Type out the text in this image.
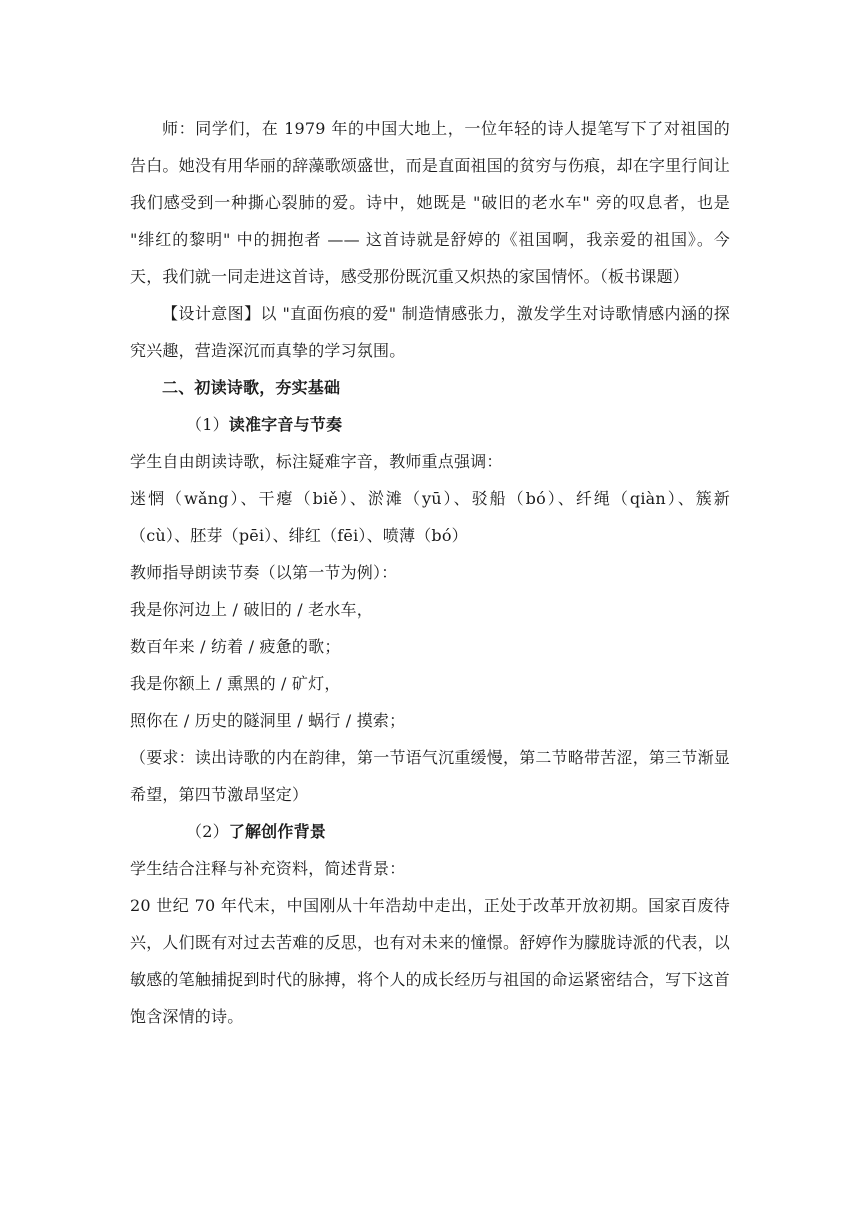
师：同学们，在 1979 年的中国大地上，一位年轻的诗人提笔写下了对祖国的告白。她没有用华丽的辞藻歌颂盛世，而是直面祖国的贫穷与伤痕，却在字里行间让我们感受到一种撕心裂肺的爱。诗中，她既是 "破旧的老水车" 旁的叹息者，也是 "绯红的黎明" 中的拥抱者 —— 这首诗就是舒婷的《祖国啊，我亲爱的祖国》。今天，我们就一同走进这首诗，感受那份既沉重又炽热的家国情怀。（板书课题）

【设计意图】以 "直面伤痕的爱" 制造情感张力，激发学生对诗歌情感内涵的探究兴趣，营造深沉而真挚的学习氛围。

二、初读诗歌，夯实基础

（1）读准字音与节奏

学生自由朗读诗歌，标注疑难字音，教师重点强调：

迷惘（wǎng）、干瘪（biě）、淤滩（yū）、驳船（bó）、纤绳（qiàn）、簇新（cù）、胚芽（pēi）、绯红（fēi）、喷薄（bó）

教师指导朗读节奏（以第一节为例）：

我是你河边上 / 破旧的 / 老水车，

数百年来 / 纺着 / 疲惫的歌；

我是你额上 / 熏黑的 / 矿灯，

照你在 / 历史的隧洞里 / 蜗行 / 摸索；

（要求：读出诗歌的内在韵律，第一节语气沉重缓慢，第二节略带苦涩，第三节渐显希望，第四节激昂坚定）

（2）了解创作背景

学生结合注释与补充资料，简述背景：

20 世纪 70 年代末，中国刚从十年浩劫中走出，正处于改革开放初期。国家百废待兴，人们既有对过去苦难的反思，也有对未来的憧憬。舒婷作为朦胧诗派的代表，以敏感的笔触捕捉到时代的脉搏，将个人的成长经历与祖国的命运紧密结合，写下这首饱含深情的诗。
